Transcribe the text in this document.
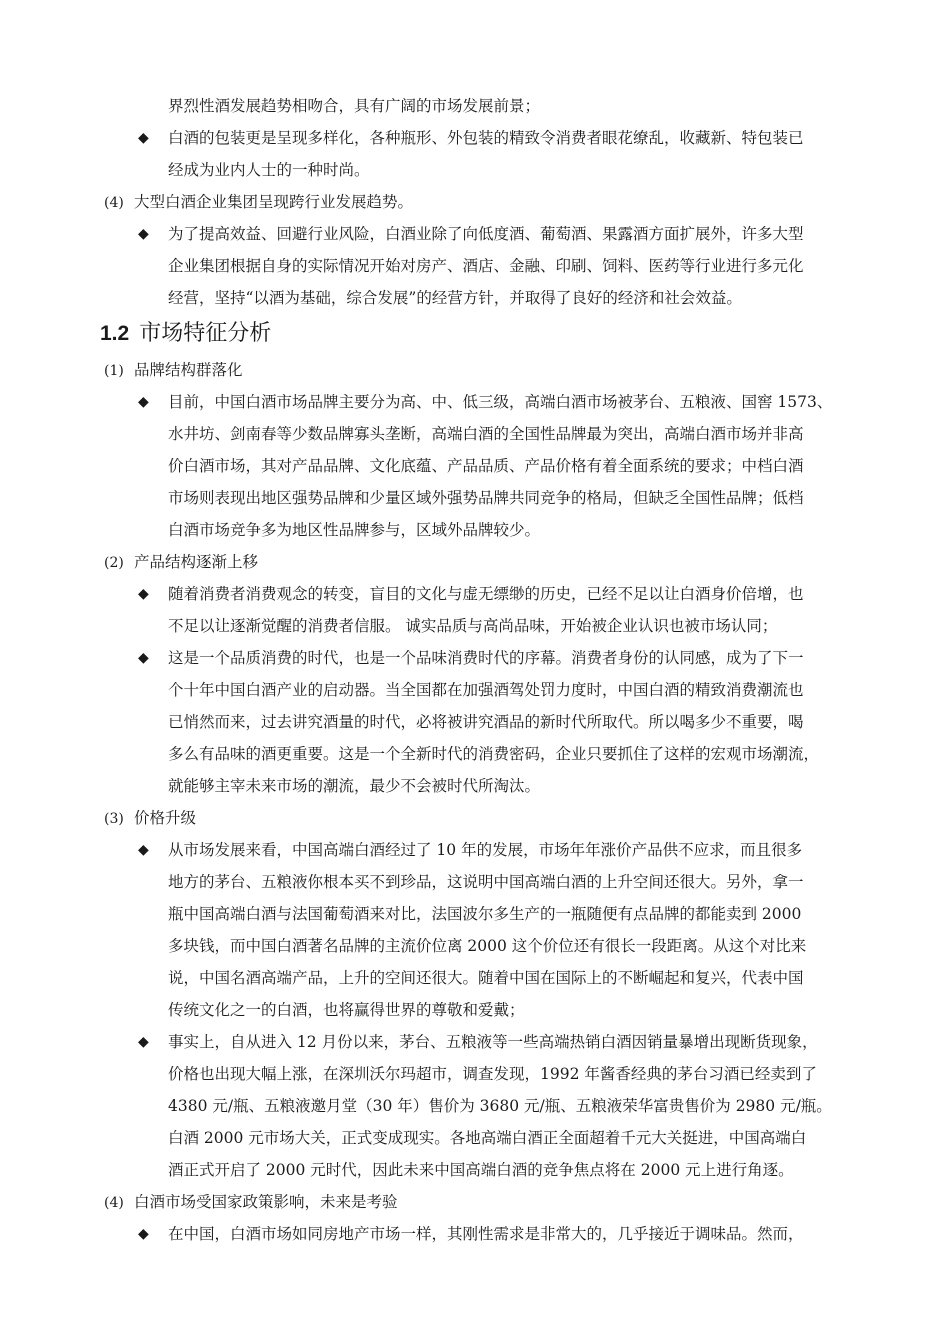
界烈性酒发展趋势相吻合，具有广阔的市场发展前景；
◆ 白酒的包装更是呈现多样化，各种瓶形、外包装的精致令消费者眼花缭乱，收藏新、特包装已
经成为业内人士的一种时尚。
(4) 大型白酒企业集团呈现跨行业发展趋势。
◆ 为了提高效益、回避行业风险，白酒业除了向低度酒、葡萄酒、果露酒方面扩展外，许多大型
企业集团根据自身的实际情况开始对房产、酒店、金融、印刷、饲料、医药等行业进行多元化
经营，坚持“以酒为基础，综合发展”的经营方针，并取得了良好的经济和社会效益。
1.2 市场特征分析
(1) 品牌结构群落化
◆ 目前，中国白酒市场品牌主要分为高、中、低三级，高端白酒市场被茅台、五粮液、国窖 1573、
水井坊、剑南春等少数品牌寡头垄断，高端白酒的全国性品牌最为突出，高端白酒市场并非高
价白酒市场，其对产品品牌、文化底蕴、产品品质、产品价格有着全面系统的要求；中档白酒
市场则表现出地区强势品牌和少量区域外强势品牌共同竞争的格局，但缺乏全国性品牌；低档
白酒市场竞争多为地区性品牌参与，区域外品牌较少。
(2) 产品结构逐渐上移
◆ 随着消费者消费观念的转变，盲目的文化与虚无缥缈的历史，已经不足以让白酒身价倍增，也
不足以让逐渐觉醒的消费者信服。 诚实品质与高尚品味，开始被企业认识也被市场认同；
◆ 这是一个品质消费的时代，也是一个品味消费时代的序幕。消费者身份的认同感，成为了下一
个十年中国白酒产业的启动器。当全国都在加强酒驾处罚力度时，中国白酒的精致消费潮流也
已悄然而来，过去讲究酒量的时代，必将被讲究酒品的新时代所取代。所以喝多少不重要，喝
多么有品味的酒更重要。这是一个全新时代的消费密码，企业只要抓住了这样的宏观市场潮流，
就能够主宰未来市场的潮流，最少不会被时代所淘汰。
(3) 价格升级
◆ 从市场发展来看，中国高端白酒经过了 10 年的发展，市场年年涨价产品供不应求，而且很多
地方的茅台、五粮液你根本买不到珍品，这说明中国高端白酒的上升空间还很大。另外，拿一
瓶中国高端白酒与法国葡萄酒来对比，法国波尔多生产的一瓶随便有点品牌的都能卖到 2000
多块钱，而中国白酒著名品牌的主流价位离 2000 这个价位还有很长一段距离。从这个对比来
说，中国名酒高端产品，上升的空间还很大。随着中国在国际上的不断崛起和复兴，代表中国
传统文化之一的白酒，也将赢得世界的尊敬和爱戴；
◆ 事实上，自从进入 12 月份以来，茅台、五粮液等一些高端热销白酒因销量暴增出现断货现象，
价格也出现大幅上涨，在深圳沃尔玛超市，调查发现，1992 年酱香经典的茅台习酒已经卖到了
4380 元/瓶、五粮液邀月堂（30 年）售价为 3680 元/瓶、五粮液荣华富贵售价为 2980 元/瓶。
白酒 2000 元市场大关，正式变成现实。各地高端白酒正全面超着千元大关挺进，中国高端白
酒正式开启了 2000 元时代，因此未来中国高端白酒的竞争焦点将在 2000 元上进行角逐。
(4) 白酒市场受国家政策影响，未来是考验
◆ 在中国，白酒市场如同房地产市场一样，其刚性需求是非常大的，几乎接近于调味品。然而，
